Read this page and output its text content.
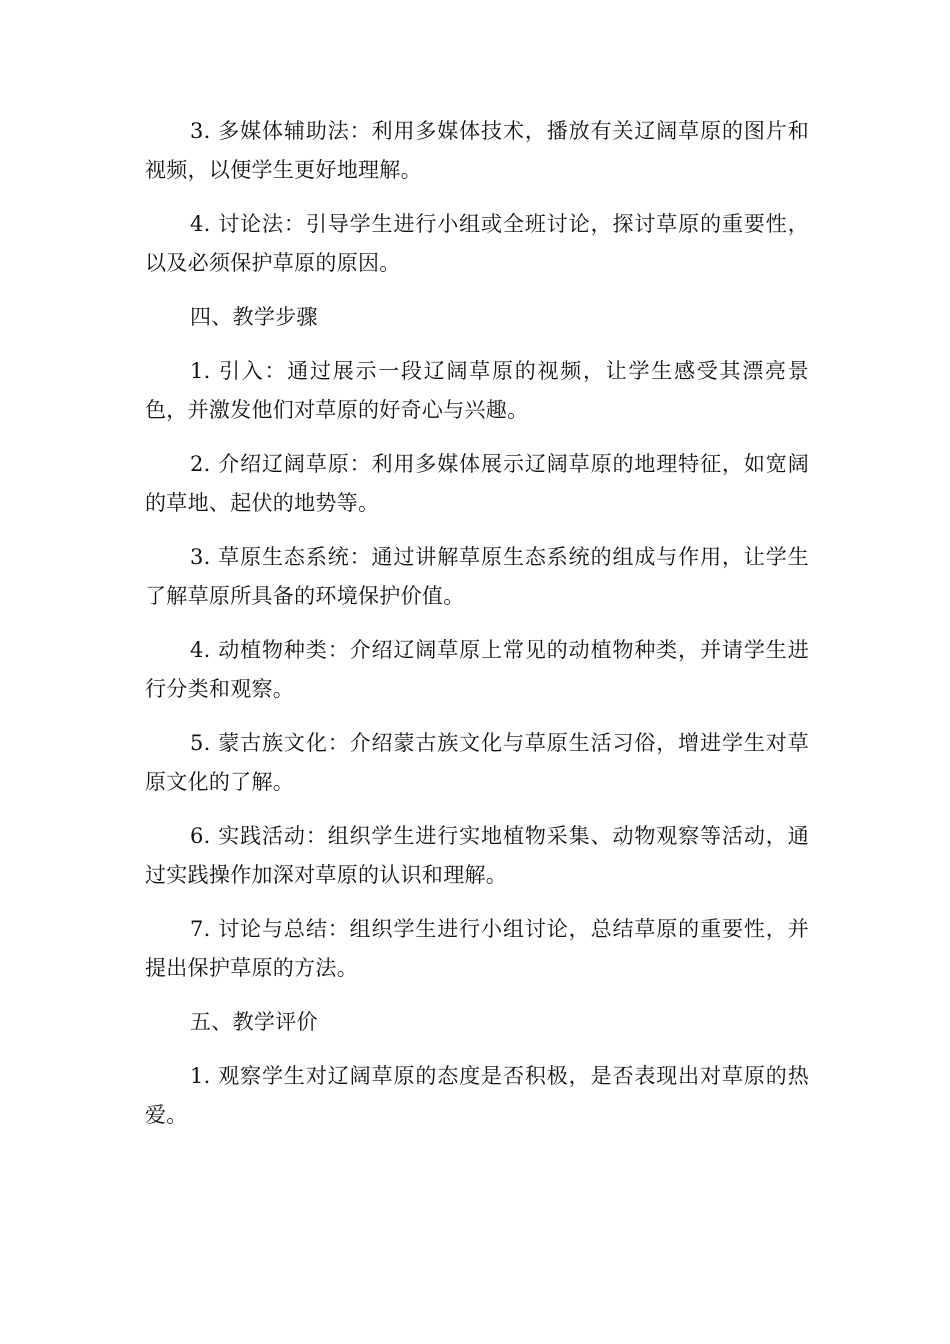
3. 多媒体辅助法：利用多媒体技术，播放有关辽阔草原的图片和视频，以便学生更好地理解。

4. 讨论法：引导学生进行小组或全班讨论，探讨草原的重要性，以及必须保护草原的原因。

四、教学步骤

1. 引入：通过展示一段辽阔草原的视频，让学生感受其漂亮景色，并激发他们对草原的好奇心与兴趣。

2. 介绍辽阔草原：利用多媒体展示辽阔草原的地理特征，如宽阔的草地、起伏的地势等。

3. 草原生态系统：通过讲解草原生态系统的组成与作用，让学生了解草原所具备的环境保护价值。

4. 动植物种类：介绍辽阔草原上常见的动植物种类，并请学生进行分类和观察。

5. 蒙古族文化：介绍蒙古族文化与草原生活习俗，增进学生对草原文化的了解。

6. 实践活动：组织学生进行实地植物采集、动物观察等活动，通过实践操作加深对草原的认识和理解。

7. 讨论与总结：组织学生进行小组讨论，总结草原的重要性，并提出保护草原的方法。

五、教学评价

1. 观察学生对辽阔草原的态度是否积极，是否表现出对草原的热爱。
